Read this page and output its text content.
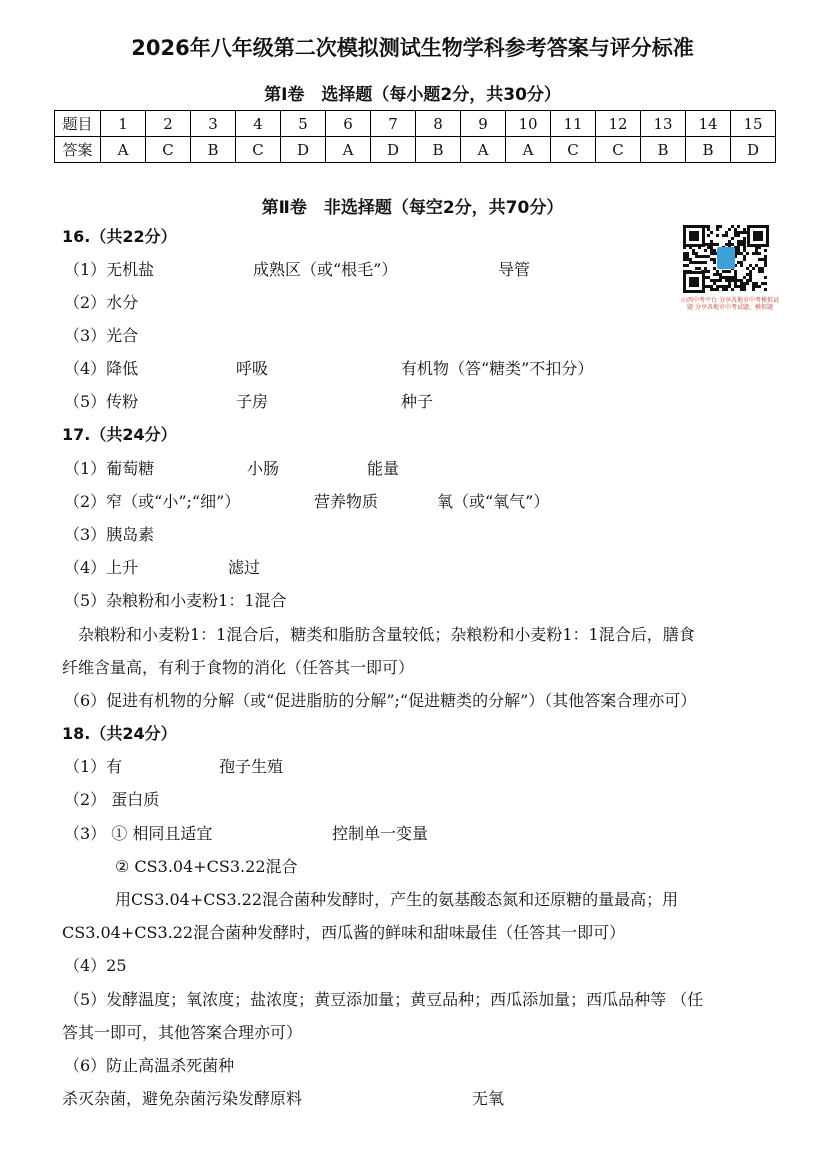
2026年八年级第二次模拟测试生物学科参考答案与评分标准
第Ⅰ卷　选择题（每小题2分，共30分）
题目	1	2	3	4	5	6	7	8	9	10	11	12	13	14	15
答案	A	C	B	C	D	A	D	B	A	A	C	C	B	B	D
第Ⅱ卷　非选择题（每空2分，共70分）
山西中考平台 分享各地市中考模拟试题 分享各地市中考试题、模拟题
16.（共22分）
（1）无机盐	成熟区（或“根毛”）	导管
（2）水分
（3）光合
（4）降低	呼吸	有机物（答“糖类”不扣分）
（5）传粉	子房	种子
17.（共24分）
（1）葡萄糖	小肠	能量
（2）窄（或“小”;“细”）	营养物质	氧（或“氧气”）
（3）胰岛素
（4）上升	滤过
（5）杂粮粉和小麦粉1：1混合
杂粮粉和小麦粉1：1混合后，糖类和脂肪含量较低；杂粮粉和小麦粉1：1混合后，膳食
纤维含量高，有利于食物的消化（任答其一即可）
（6）促进有机物的分解（或“促进脂肪的分解”;“促进糖类的分解”）（其他答案合理亦可）
18.（共24分）
（1）有	孢子生殖
（2） 蛋白质
（3） ① 相同且适宜	控制单一变量
② CS3.04+CS3.22混合
用CS3.04+CS3.22混合菌种发酵时，产生的氨基酸态氮和还原糖的量最高；用
CS3.04+CS3.22混合菌种发酵时，西瓜酱的鲜味和甜味最佳（任答其一即可）
（4）25
（5）发酵温度；氧浓度；盐浓度；黄豆添加量；黄豆品种；西瓜添加量；西瓜品种等 （任
答其一即可，其他答案合理亦可）
（6）防止高温杀死菌种
杀灭杂菌，避免杂菌污染发酵原料	无氧
